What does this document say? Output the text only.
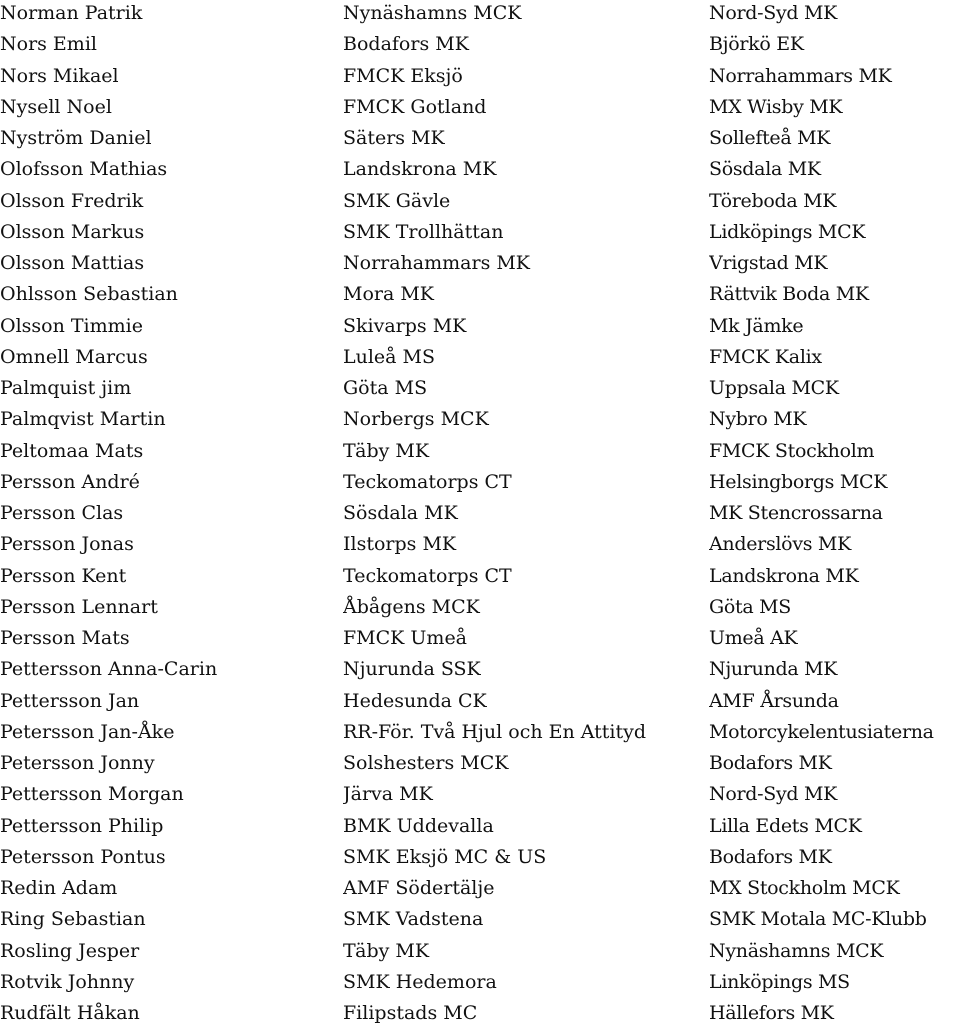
Norman Patrik	Nynäshamns MCK	Nord-Syd MK
Nors Emil	Bodafors MK	Björkö EK
Nors Mikael	FMCK Eksjö	Norrahammars MK
Nysell Noel	FMCK Gotland	MX Wisby MK
Nyström Daniel	Säters MK	Sollefteå MK
Olofsson Mathias	Landskrona MK	Sösdala MK
Olsson Fredrik	SMK Gävle	Töreboda MK
Olsson Markus	SMK Trollhättan	Lidköpings MCK
Olsson Mattias	Norrahammars MK	Vrigstad MK
Ohlsson Sebastian	Mora MK	Rättvik Boda MK
Olsson Timmie	Skivarps MK	Mk Jämke
Omnell Marcus	Luleå MS	FMCK Kalix
Palmquist jim	Göta MS	Uppsala MCK
Palmqvist Martin	Norbergs MCK	Nybro MK
Peltomaa Mats	Täby MK	FMCK Stockholm
Persson André	Teckomatorps CT	Helsingborgs MCK
Persson Clas	Sösdala MK	MK Stencrossarna
Persson Jonas	Ilstorps MK	Anderslövs MK
Persson Kent	Teckomatorps CT	Landskrona MK
Persson Lennart	Åbågens MCK	Göta MS
Persson Mats	FMCK Umeå	Umeå AK
Pettersson Anna-Carin	Njurunda SSK	Njurunda MK
Pettersson Jan	Hedesunda CK	AMF Årsunda
Petersson Jan-Åke	RR-För. Två Hjul och En Attityd	Motorcykelentusiaterna
Petersson Jonny	Solshesters MCK	Bodafors MK
Pettersson Morgan	Järva MK	Nord-Syd MK
Pettersson Philip	BMK Uddevalla	Lilla Edets MCK
Petersson Pontus	SMK Eksjö MC & US	Bodafors MK
Redin Adam	AMF Södertälje	MX Stockholm MCK
Ring Sebastian	SMK Vadstena	SMK Motala MC-Klubb
Rosling Jesper	Täby MK	Nynäshamns MCK
Rotvik Johnny	SMK Hedemora	Linköpings MS
Rudfält Håkan	Filipstads MC	Hällefors MK
